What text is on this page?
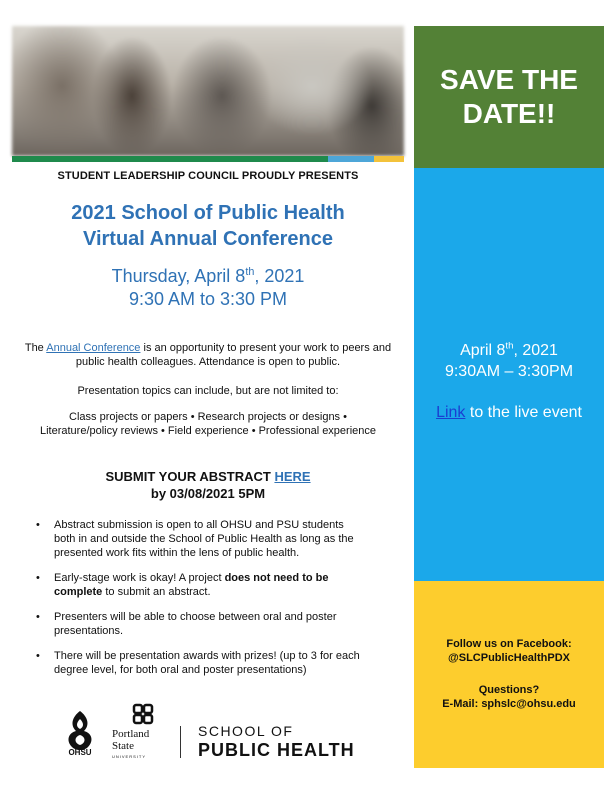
STUDENT LEADERSHIP COUNCIL PROUDLY PRESENTS
2021 School of Public Health
Virtual Annual Conference
Thursday, April 8th, 2021
9:30 AM to 3:30 PM
The Annual Conference is an opportunity to present your work to peers and public health colleagues. Attendance is open to public.
Presentation topics can include, but are not limited to:
Class projects or papers • Research projects or designs •
Literature/policy reviews • Field experience • Professional experience
SUBMIT YOUR ABSTRACT HERE
by 03/08/2021 5PM
• Abstract submission is open to all OHSU and PSU students both in and outside the School of Public Health as long as the presented work fits within the lens of public health.
• Early-stage work is okay! A project does not need to be complete to submit an abstract.
• Presenters will be able to choose between oral and poster presentations.
• There will be presentation awards with prizes! (up to 3 for each degree level, for both oral and poster presentations)
OHSU
Portland
State
UNIVERSITY
SCHOOL OF
PUBLIC HEALTH
SAVE THE
DATE!!
April 8th, 2021
9:30AM – 3:30PM
Link to the live event
Follow us on Facebook:
@SLCPublicHealthPDX
Questions?
E-Mail: sphslc@ohsu.edu
